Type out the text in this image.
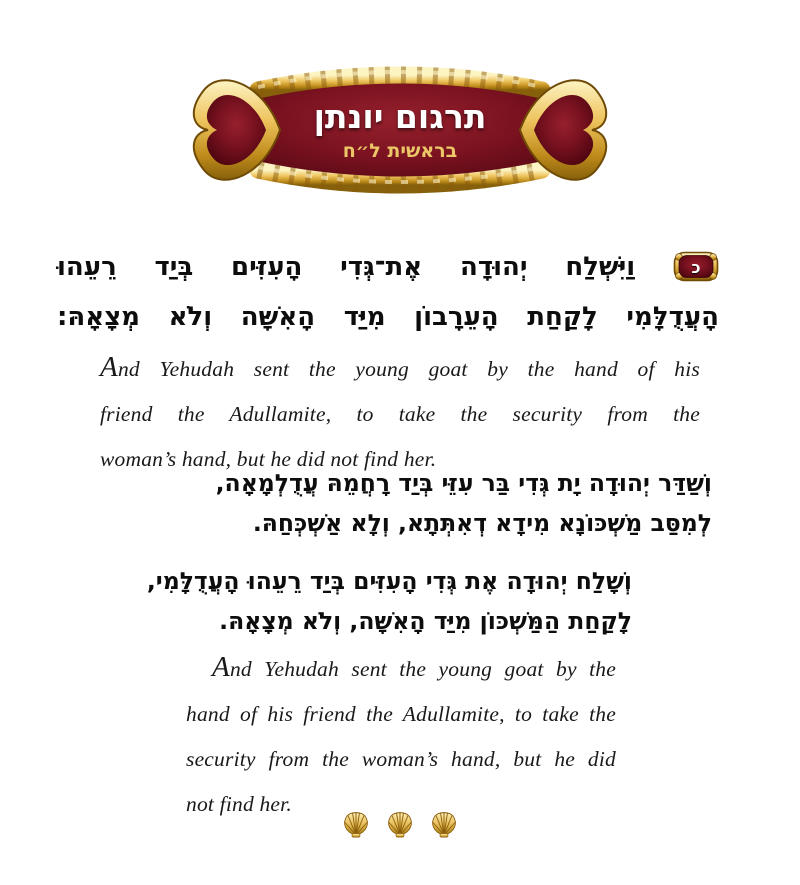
תרגום יונתן
בראשית ל״ח
כ
וַיִּשְׁלַח יְהוּדָה אֶת־גְּדִי הָעִזִּים בְּיַד רֵעֵהוּ
הָעֲדֻלָּמִי לָקַחַת הָעֵרָבוֹן מִיַּד הָאִשָּׁה וְלֹא מְצָאָהּ:
And Yehudah sent the young goat by the hand of his
friend the Adullamite, to take the security from the
woman’s hand, but he did not find her.
וְשַׁדַּר יְהוּדָה יָת גְּדִי בַּר עִזֵּי בְּיַד רָחֲמֵהּ עֲדֻלְמָאָה,
לְמִסַּב מַשְׁכּוֹנָא מִידָא דְאִתְּתָא, וְלָא אַשְׁכְּחַהּ.
וְשָׁלַח יְהוּדָה אֶת גְּדִי הָעִזִּים בְּיַד רֵעֵהוּ הָעֲדֻלָּמִי,
לָקַחַת הַמַּשְׁכּוֹן מִיַּד הָאִשָּׁה, וְלֹא מְצָאָהּ.
And Yehudah sent the young goat by the
hand of his friend the Adullamite, to take the
security from the woman’s hand, but he did
not find her.
